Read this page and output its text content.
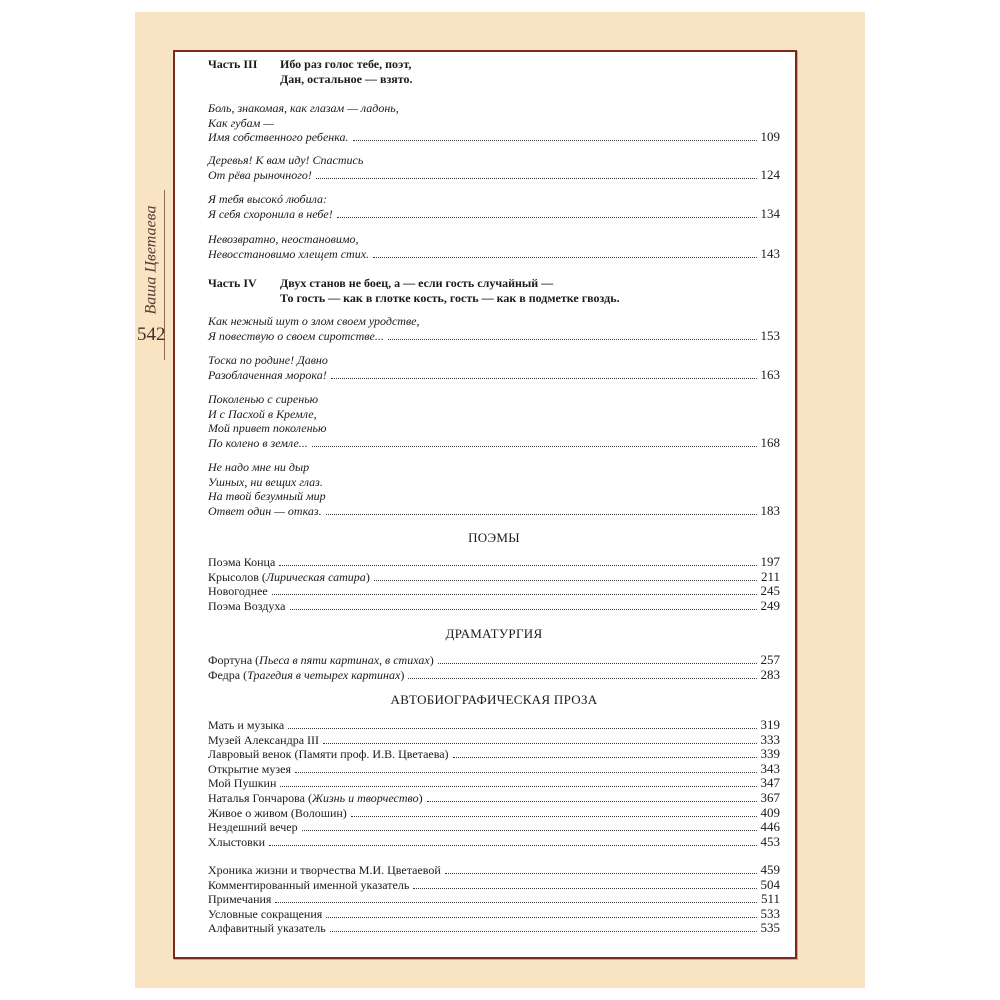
Ваша Цветаева
542
Часть III	Ибо раз голос тебе, поэт,
Дан, остальное — взято.
Боль, знакомая, как глазам — ладонь,
Как губам —
Имя собственного ребенка.	109
Деревья! К вам иду! Спастись
От рёва рыночного!	124
Я тебя высокó любила:
Я себя схоронила в небе!	134
Невозвратно, неостановимо,
Невосстановимо хлещет стих.	143
Часть IV	Двух станов не боец, а — если гость случайный —
То гость — как в глотке кость, гость — как в подметке гвоздь.
Как нежный шут о злом своем уродстве,
Я повествую о своем сиротстве...	153
Тоска по родине! Давно
Разоблаченная морока!	163
Поколенью с сиренью
И с Пасхой в Кремле,
Мой привет поколенью
По колено в земле...	168
Не надо мне ни дыр
Ушных, ни вещих глаз.
На твой безумный мир
Ответ один — отказ.	183
ПОЭМЫ
Поэма Конца	197
Крысолов ( Лирическая сатира )	211
Новогоднее	245
Поэма Воздуха	249
ДРАМАТУРГИЯ
Фортуна ( Пьеса в пяти картинах, в стихах )	257
Федра ( Трагедия в четырех картинах )	283
АВТОБИОГРАФИЧЕСКАЯ ПРОЗА
Мать и музыка	319
Музей Александра III	333
Лавровый венок (Памяти проф. И.В. Цветаева)	339
Открытие музея	343
Мой Пушкин	347
Наталья Гончарова ( Жизнь и творчество )	367
Живое о живом (Волошин)	409
Нездешний вечер	446
Хлыстовки	453
Хроника жизни и творчества М.И. Цветаевой	459
Комментированный именной указатель	504
Примечания	511
Условные сокращения	533
Алфавитный указатель	535
